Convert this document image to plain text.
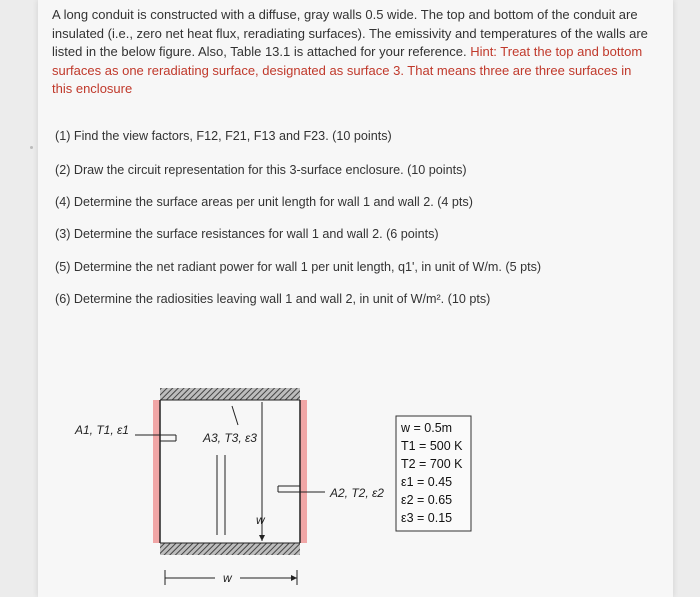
A long conduit is constructed with a diffuse, gray walls 0.5 wide. The top and bottom of the conduit are insulated (i.e., zero net heat flux, reradiating surfaces). The emissivity and temperatures of the walls are listed in the below figure. Also, Table 13.1 is attached for your reference. Hint: Treat the top and bottom surfaces as one reradiating surface, designated as surface 3. That means three are three surfaces in this enclosure
(1) Find the view factors, F12, F21, F13 and F23. (10 points)
(2) Draw the circuit representation for this 3-surface enclosure. (10 points)
(4) Determine the surface areas per unit length for wall 1 and wall 2. (4 pts)
(3) Determine the surface resistances for wall 1 and wall 2. (6 points)
(5) Determine the net radiant power for wall 1 per unit length, q1', in unit of W/m. (5 pts)
(6) Determine the radiosities leaving wall 1 and wall 2, in unit of W/m². (10 pts)
w
A1, T1, ε1
A3, T3, ε3
A2, T2, ε2
w
w = 0.5m
T1 = 500 K
T2 = 700 K
ε1 = 0.45
ε2 = 0.65
ε3 = 0.15
